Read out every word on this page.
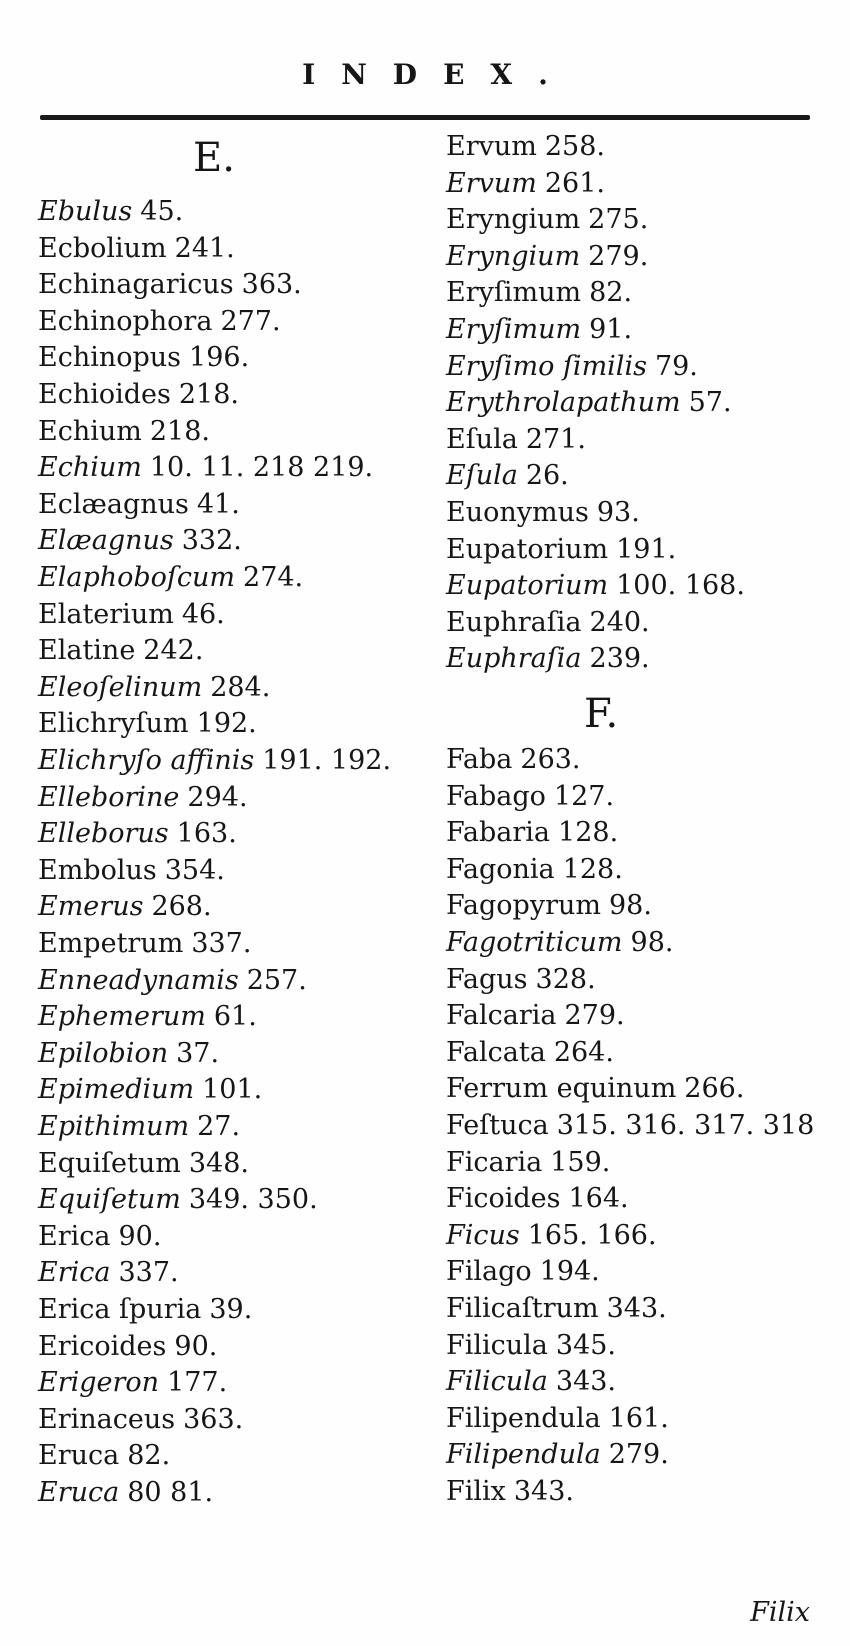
INDEX.
E.
Ebulus 45.
Ecbolium 241.
Echinagaricus 363.
Echinophora 277.
Echinopus 196.
Echioides 218.
Echium 218.
Echium 10. 11. 218 219.
Eclæagnus 41.
Elæagnus 332.
Elaphoboſcum 274.
Elaterium 46.
Elatine 242.
Eleoſelinum 284.
Elichryſum 192.
Elichryſo affinis 191. 192.
Elleborine 294.
Elleborus 163.
Embolus 354.
Emerus 268.
Empetrum 337.
Enneadynamis 257.
Ephemerum 61.
Epilobion 37.
Epimedium 101.
Epithimum 27.
Equiſetum 348.
Equiſetum 349. 350.
Erica 90.
Erica 337.
Erica ſpuria 39.
Ericoides 90.
Erigeron 177.
Erinaceus 363.
Eruca 82.
Eruca 80 81.
Ervum 258.
Ervum 261.
Eryngium 275.
Eryngium 279.
Eryſimum 82.
Eryſimum 91.
Eryſimo ſimilis 79.
Erythrolapathum 57.
Eſula 271.
Eſula 26.
Euonymus 93.
Eupatorium 191.
Eupatorium 100. 168.
Euphraſia 240.
Euphraſia 239.
F.
Faba 263.
Fabago 127.
Fabaria 128.
Fagonia 128.
Fagopyrum 98.
Fagotriticum 98.
Fagus 328.
Falcaria 279.
Falcata 264.
Ferrum equinum 266.
Feſtuca 315. 316. 317. 318
Ficaria 159.
Ficoides 164.
Ficus 165. 166.
Filago 194.
Filicaſtrum 343.
Filicula 345.
Filicula 343.
Filipendula 161.
Filipendula 279.
Filix 343.
Filix
